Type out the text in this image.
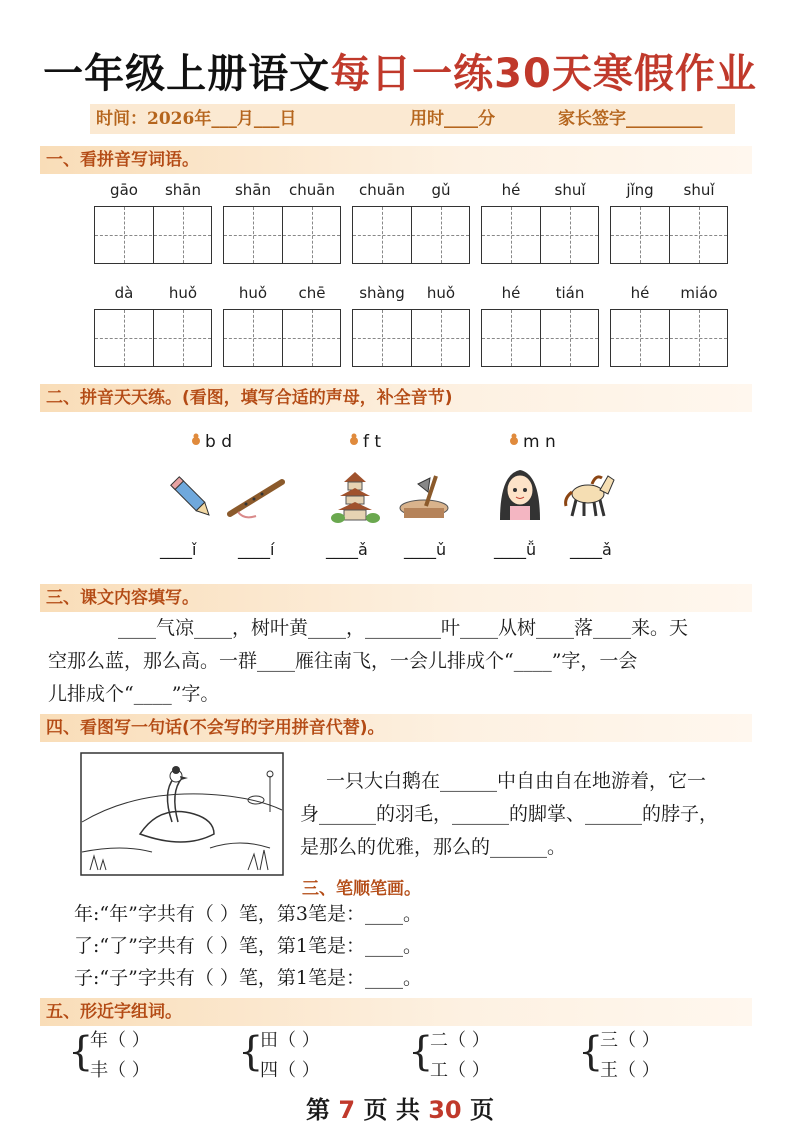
一年级上册语文每日一练30天寒假作业
时间：2026年___月___日	用时____分	家长签字_________
一、看拼音写词语。
gāo	shān	shān	chuān	chuān	gǔ	hé	shuǐ	jǐng	shuǐ
dà	huǒ	huǒ	chē	shàng	huǒ	hé	tián	hé	miáo
二、拼音天天练。(看图，填写合适的声母，补全音节)
b d	f t	m n
____ǐ	____í	____ǎ ____ǔ	____ǚ ____ǎ
三、课文内容填写。
____气凉____，树叶黄____，________叶____从树____落____来。天
空那么蓝，那么高。一群____雁往南飞，一会儿排成个“____”字，一会
儿排成个“____”字。
四、看图写一句话(不会写的字用拼音代替)。
一只大白鹅在______中自由自在地游着，它一
身______的羽毛，______的脚掌、______的脖子，
是那么的优雅，那么的______。
三、笔顺笔画。
年:“年”字共有（ ）笔，第3笔是：____。
了:“了”字共有（ ）笔，第1笔是：____。
子:“子”字共有（ ）笔，第1笔是：____。
五、形近字组词。
{
年（ ）
丰（ ） {
田（ ）
四（ ） {
二（ ）
工（ ） {
三（ ）
王（ ）
第 7 页 共 30 页
